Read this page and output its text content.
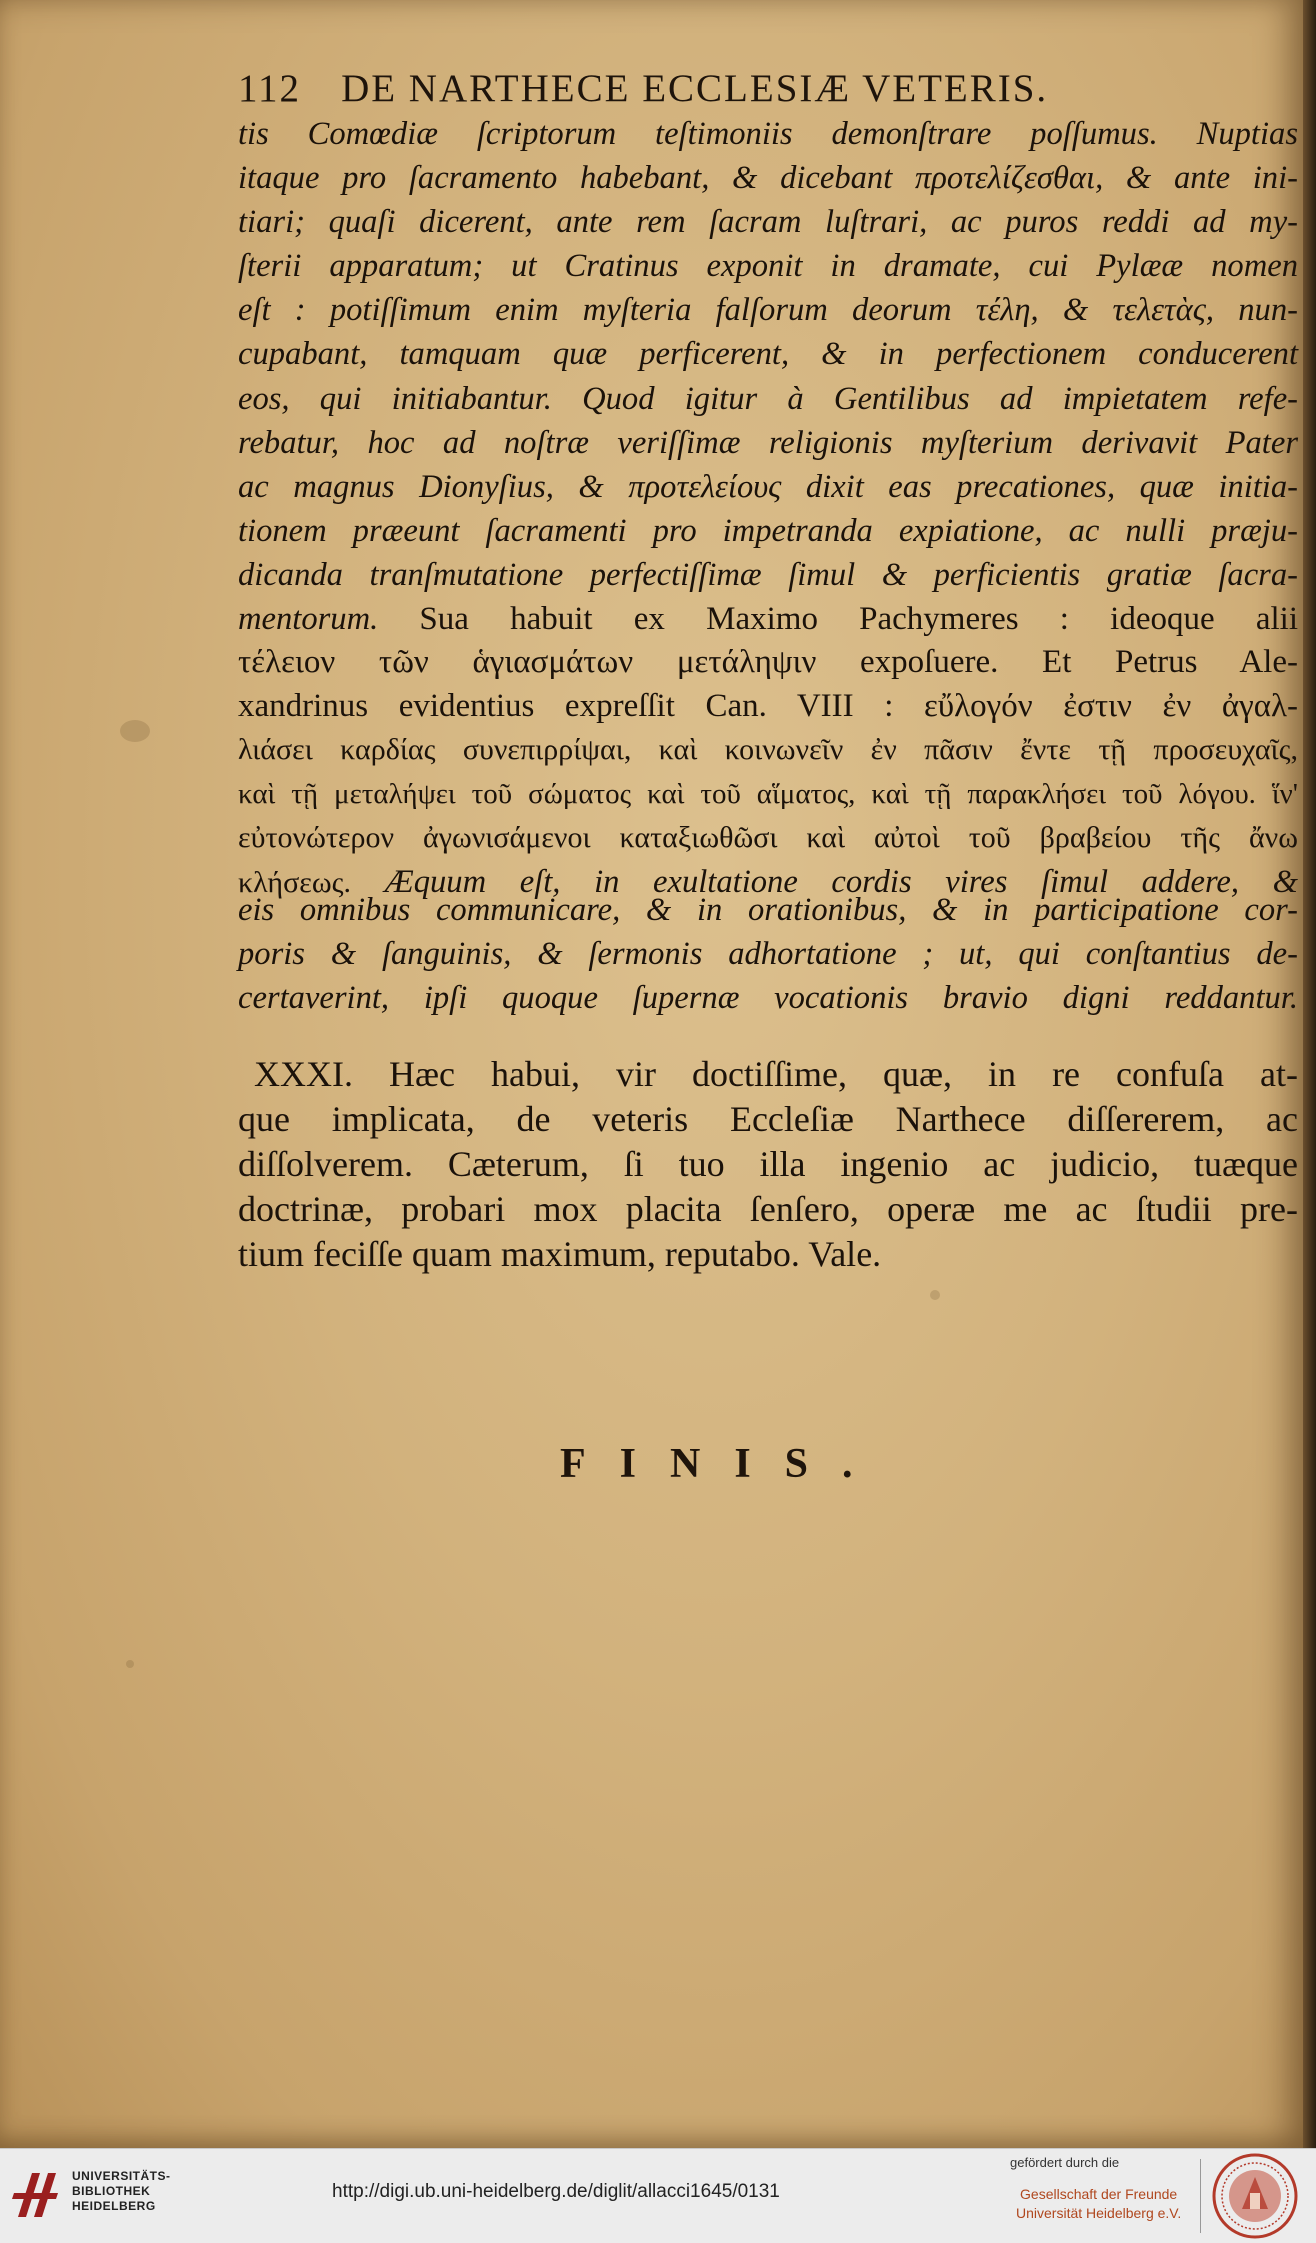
112 DE NARTHECE ECCLESIÆ VETERIS.
tis Comœdiæ ſcriptorum teſtimoniis demonſtrare poſſumus. Nuptias
itaque pro ſacramento habebant, & dicebant προτελίζεσθαι, & ante ini-
tiari; quaſi dicerent, ante rem ſacram luſtrari, ac puros reddi ad my-
ſterii apparatum; ut Cratinus exponit in dramate, cui Pylææ nomen
eſt : potiſſimum enim myſteria falſorum deorum τέλη, & τελετὰς, nun-
cupabant, tamquam quæ perficerent, & in perfectionem conducerent
eos, qui initiabantur. Quod igitur à Gentilibus ad impietatem refe-
rebatur, hoc ad noſtræ veriſſimæ religionis myſterium derivavit Pater
ac magnus Dionyſius, & προτελείους dixit eas precationes, quæ initia-
tionem præeunt ſacramenti pro impetranda expiatione, ac nulli præju-
dicanda tranſmutatione perfectiſſimæ ſimul & perficientis gratiæ ſacra-
mentorum. Sua habuit ex Maximo Pachymeres : ideoque alii
τέλειον τῶν ἁγιασμάτων μετάληψιν expoſuere. Et Petrus Ale-
xandrinus evidentius expreſſit Can. VIII : εὔλογόν ἐστιν ἐν ἀγαλ-
λιάσει καρδίας συνεπιρρίψαι, καὶ κοινωνεῖν ἐν πᾶσιν ἔντε τῇ προσευχαῖς,
καὶ τῇ μεταλήψει τοῦ σώματος καὶ τοῦ αἵματος, καὶ τῇ παρακλήσει τοῦ λόγου. ἵν'
εὐτονώτερον ἀγωνισάμενοι καταξιωθῶσι καὶ αὐτοὶ τοῦ βραβείου τῆς ἄνω
κλήσεως. Æquum eſt, in exultatione cordis vires ſimul addere, &
eis omnibus communicare, & in orationibus, & in participatione cor-
poris & ſanguinis, & ſermonis adhortatione ; ut, qui conſtantius de-
certaverint, ipſi quoque ſupernæ vocationis bravio digni reddantur.
XXXI. Hæc habui, vir doctiſſime, quæ, in re confuſa at-
que implicata, de veteris Eccleſiæ Narthece diſſererem, ac
diſſolverem. Cæterum, ſi tuo illa ingenio ac judicio, tuæque
doctrinæ, probari mox placita ſenſero, operæ me ac ſtudii pre-
tium feciſſe quam maximum, reputabo. Vale.
FINIS.
UNIVERSITÄTS-
BIBLIOTHEK
HEIDELBERG
http://digi.ub.uni-heidelberg.de/diglit/allacci1645/0131
gefördert durch die
Gesellschaft der Freunde
Universität Heidelberg e.V.
